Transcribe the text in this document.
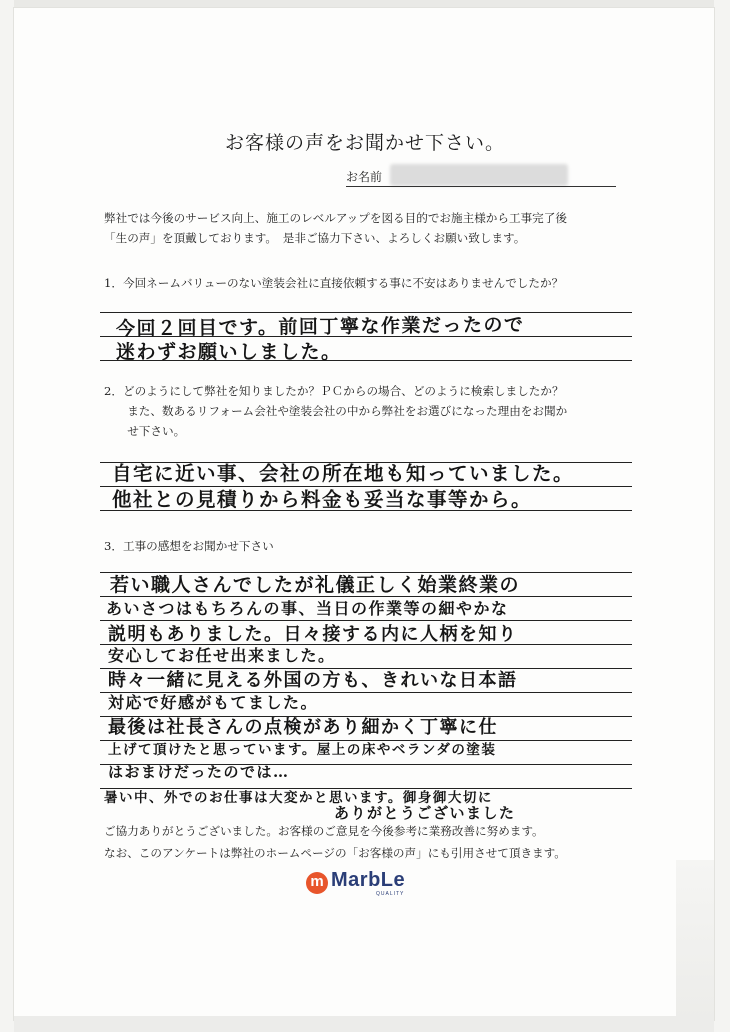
お客様の声をお聞かせ下さい。
お名前
弊社では今後のサービス向上、施工のレベルアップを図る目的でお施主様から工事完了後
「生の声」を頂戴しております。　是非ご協力下さい、よろしくお願い致します。
1．今回ネームバリューのない塗装会社に直接依頼する事に不安はありませんでしたか？
今回２回目です。前回丁寧な作業だったので
迷わずお願いしました。
2．どのようにして弊社を知りましたか？ＰＣからの場合、どのように検索しましたか？
　　また、数あるリフォーム会社や塗装会社の中から弊社をお選びになった理由をお聞か
　　せ下さい。
自宅に近い事、会社の所在地も知っていました。
他社との見積りから料金も妥当な事等から。
3．工事の感想をお聞かせ下さい
若い職人さんでしたが礼儀正しく始業終業の
あいさつはもちろんの事、当日の作業等の細やかな
説明もありました。日々接する内に人柄を知り
安心してお任せ出来ました。
時々一緒に見える外国の方も、きれいな日本語
対応で好感がもてました。
最後は社長さんの点検があり細かく丁寧に仕
上げて頂けたと思っています。屋上の床やベランダの塗装
はおまけだったのでは…
暑い中、外でのお仕事は大変かと思います。御身御大切に
ありがとうございました
ご協力ありがとうございました。お客様のご意見を今後参考に業務改善に努めます。
なお、このアンケートは弊社のホームページの「お客様の声」にも引用させて頂きます。
m
MarbLe
QUALITY
